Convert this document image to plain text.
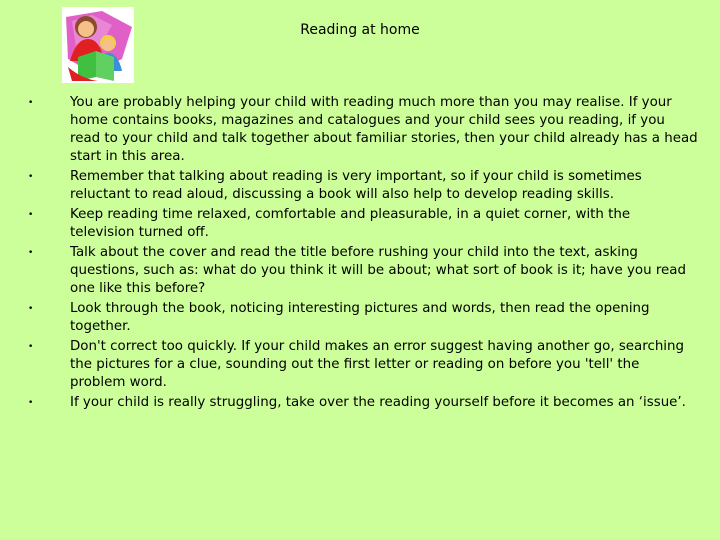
Reading at home
•	You are probably helping your child with reading much more than you may realise. If your home contains books, magazines and catalogues and your child sees you reading, if you read to your child and talk together about familiar stories, then your child already has a head start in this area.
•	Remember that talking about reading is very important, so if your child is sometimes reluctant to read aloud, discussing a book will also help to develop reading skills.
•	Keep reading time relaxed, comfortable and pleasurable, in a quiet corner, with the television turned off.
•	Talk about the cover and read the title before rushing your child into the text, asking questions, such as: what do you think it will be about; what sort of book is it; have you read one like this before?
•	Look through the book, noticing interesting pictures and words, then read the opening together.
•	Don't correct too quickly. If your child makes an error suggest having another go, searching the pictures for a clue, sounding out the first letter or reading on before you 'tell' the problem word.
•	If your child is really struggling, take over the reading yourself before it becomes an ‘issue’.
